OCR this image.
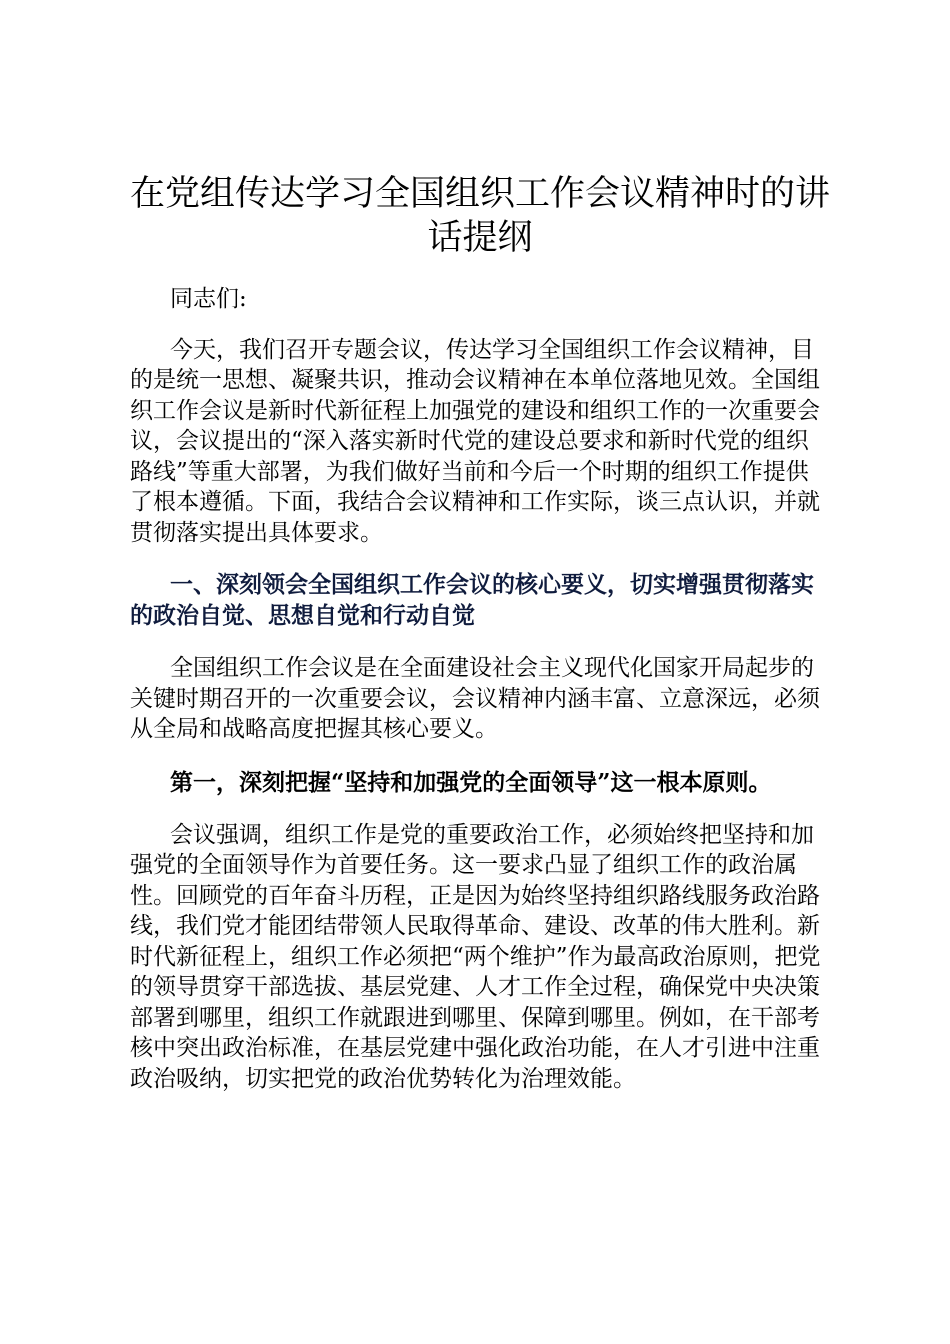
在党组传达学习全国组织工作会议精神时的讲话提纲

同志们:

今天，我们召开专题会议，传达学习全国组织工作会议精神，目的是统一思想、凝聚共识，推动会议精神在本单位落地见效。全国组织工作会议是新时代新征程上加强党的建设和组织工作的一次重要会议，会议提出的“深入落实新时代党的建设总要求和新时代党的组织路线”等重大部署，为我们做好当前和今后一个时期的组织工作提供了根本遵循。下面，我结合会议精神和工作实际，谈三点认识，并就贯彻落实提出具体要求。

一、深刻领会全国组织工作会议的核心要义，切实增强贯彻落实的政治自觉、思想自觉和行动自觉

全国组织工作会议是在全面建设社会主义现代化国家开局起步的关键时期召开的一次重要会议，会议精神内涵丰富、立意深远，必须从全局和战略高度把握其核心要义。

第一，深刻把握“坚持和加强党的全面领导”这一根本原则。

会议强调，组织工作是党的重要政治工作，必须始终把坚持和加强党的全面领导作为首要任务。这一要求凸显了组织工作的政治属性。回顾党的百年奋斗历程，正是因为始终坚持组织路线服务政治路线，我们党才能团结带领人民取得革命、建设、改革的伟大胜利。新时代新征程上，组织工作必须把“两个维护”作为最高政治原则，把党的领导贯穿干部选拔、基层党建、人才工作全过程，确保党中央决策部署到哪里，组织工作就跟进到哪里、保障到哪里。例如，在干部考核中突出政治标准，在基层党建中强化政治功能，在人才引进中注重政治吸纳，切实把党的政治优势转化为治理效能。
